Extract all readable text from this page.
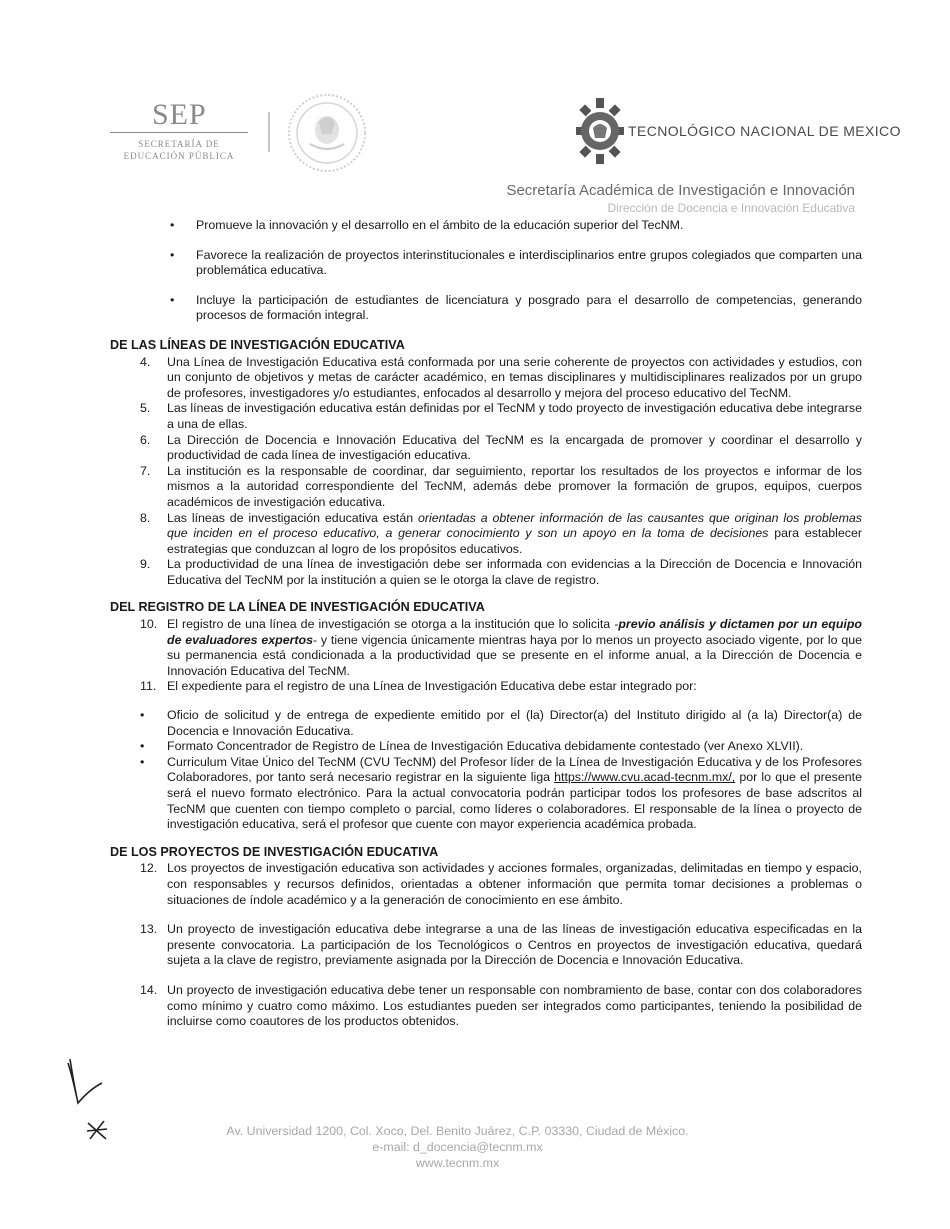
SEP
SECRETARÍA DE
EDUCACIÓN PÚBLICA
TECNOLÓGICO NACIONAL DE MEXICO
Secretaría Académica de Investigación e Innovación
Dirección de Docencia e Innovación Educativa
• Promueve la innovación y el desarrollo en el ámbito de la educación superior del TecNM.
• Favorece la realización de proyectos interinstitucionales e interdisciplinarios entre grupos colegiados que comparten una problemática educativa.
• Incluye la participación de estudiantes de licenciatura y posgrado para el desarrollo de competencias, generando procesos de formación integral.
DE LAS LÍNEAS DE INVESTIGACIÓN EDUCATIVA
4. Una Línea de Investigación Educativa está conformada por una serie coherente de proyectos con actividades y estudios, con un conjunto de objetivos y metas de carácter académico, en temas disciplinares y multidisciplinares realizados por un grupo de profesores, investigadores y/o estudiantes, enfocados al desarrollo y mejora del proceso educativo del TecNM.
5. Las líneas de investigación educativa están definidas por el TecNM y todo proyecto de investigación educativa debe integrarse a una de ellas.
6. La Dirección de Docencia e Innovación Educativa del TecNM es la encargada de promover y coordinar el desarrollo y productividad de cada línea de investigación educativa.
7. La institución es la responsable de coordinar, dar seguimiento, reportar los resultados de los proyectos e informar de los mismos a la autoridad correspondiente del TecNM, además debe promover la formación de grupos, equipos, cuerpos académicos de investigación educativa.
8. Las líneas de investigación educativa están orientadas a obtener información de las causantes que originan los problemas que inciden en el proceso educativo, a generar conocimiento y son un apoyo en la toma de decisiones para establecer estrategias que conduzcan al logro de los propósitos educativos.
9. La productividad de una línea de investigación debe ser informada con evidencias a la Dirección de Docencia e Innovación Educativa del TecNM por la institución a quien se le otorga la clave de registro.
DEL REGISTRO DE LA LÍNEA DE INVESTIGACIÓN EDUCATIVA
10. El registro de una línea de investigación se otorga a la institución que lo solicita -previo análisis y dictamen por un equipo de evaluadores expertos- y tiene vigencia únicamente mientras haya por lo menos un proyecto asociado vigente, por lo que su permanencia está condicionada a la productividad que se presente en el informe anual, a la Dirección de Docencia e Innovación Educativa del TecNM.
11. El expediente para el registro de una Línea de Investigación Educativa debe estar integrado por:
• Oficio de solicitud y de entrega de expediente emitido por el (la) Director(a) del Instituto dirigido al (a la) Director(a) de Docencia e Innovación Educativa.
• Formato Concentrador de Registro de Línea de Investigación Educativa debidamente contestado (ver Anexo XLVII).
• Curriculum Vitae Único del TecNM (CVU TecNM) del Profesor líder de la Línea de Investigación Educativa y de los Profesores Colaboradores, por tanto será necesario registrar en la siguiente liga https://www.cvu.acad-tecnm.mx/, por lo que el presente será el nuevo formato electrónico. Para la actual convocatoria podrán participar todos los profesores de base adscritos al TecNM que cuenten con tiempo completo o parcial, como líderes o colaboradores. El responsable de la línea o proyecto de investigación educativa, será el profesor que cuente con mayor experiencia académica probada.
DE LOS PROYECTOS DE INVESTIGACIÓN EDUCATIVA
12. Los proyectos de investigación educativa son actividades y acciones formales, organizadas, delimitadas en tiempo y espacio, con responsables y recursos definidos, orientadas a obtener información que permita tomar decisiones a problemas o situaciones de índole académico y a la generación de conocimiento en ese ámbito.
13. Un proyecto de investigación educativa debe integrarse a una de las líneas de investigación educativa especificadas en la presente convocatoria. La participación de los Tecnológicos o Centros en proyectos de investigación educativa, quedará sujeta a la clave de registro, previamente asignada por la Dirección de Docencia e Innovación Educativa.
14. Un proyecto de investigación educativa debe tener un responsable con nombramiento de base, contar con dos colaboradores como mínimo y cuatro como máximo. Los estudiantes pueden ser integrados como participantes, teniendo la posibilidad de incluirse como coautores de los productos obtenidos.
Av. Universidad 1200, Col. Xoco, Del. Benito Juárez, C.P. 03330, Ciudad de México.
e-mail: d_docencia@tecnm.mx
www.tecnm.mx
